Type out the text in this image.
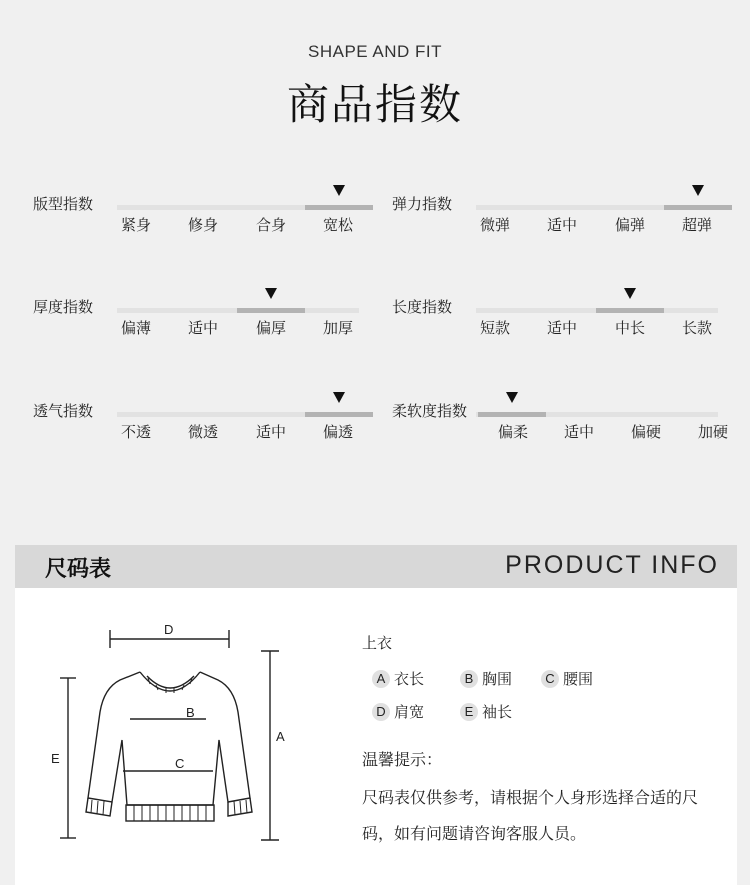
SHAPE AND FIT
商品指数
版型指数
紧身	修身	合身	宽松
弹力指数
微弹	适中	偏弹	超弹
厚度指数
偏薄	适中	偏厚	加厚
长度指数
短款	适中	中长	长款
透气指数
不透	微透	适中	偏透
柔软度指数
偏柔	适中	偏硬	加硬
尺码表	PRODUCT INFO
D
A
E
B
C
上衣
A 衣长	B 胸围	C 腰围
D 肩宽	E 袖长
温馨提示：
尺码表仅供参考，请根据个人身形选择合适的尺码，如有问题请咨询客服人员。
